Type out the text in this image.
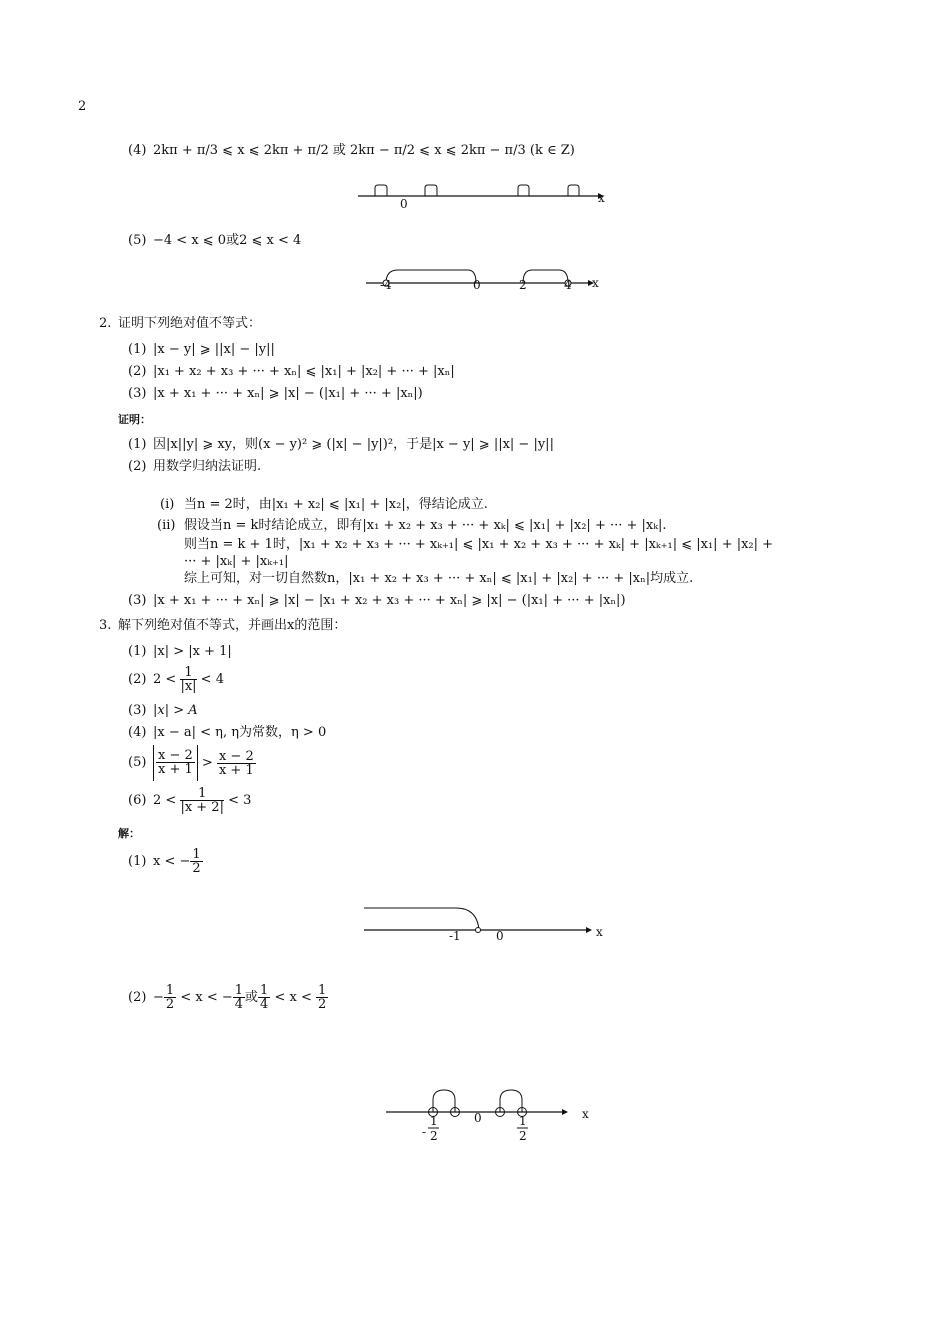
2
(4) 2kπ + π/3 ⩽ x ⩽ 2kπ + π/2 或 2kπ − π/2 ⩽ x ⩽ 2kπ − π/3 (k ∈ Z)
0	x
(5) −4 < x ⩽ 0或2 ⩽ x < 4
-4	0	2	4 x
2. 证明下列绝对值不等式：
(1) |x − y| ⩾ ||x| − |y||
(2) |x₁ + x₂ + x₃ + ··· + xₙ| ⩽ |x₁| + |x₂| + ··· + |xₙ|
(3) |x + x₁ + ··· + xₙ| ⩾ |x| − (|x₁| + ··· + |xₙ|)
证明：
(1) 因|x||y| ⩾ xy，则(x − y)² ⩾ (|x| − |y|)²，于是|x − y| ⩾ ||x| − |y||
(2) 用数学归纳法证明.
(i) 当n = 2时，由|x₁ + x₂| ⩽ |x₁| + |x₂|，得结论成立.
(ii) 假设当n = k时结论成立，即有|x₁ + x₂ + x₃ + ··· + xₖ| ⩽ |x₁| + |x₂| + ··· + |xₖ|.
则当n = k + 1时，|x₁ + x₂ + x₃ + ··· + xₖ₊₁| ⩽ |x₁ + x₂ + x₃ + ··· + xₖ| + |xₖ₊₁| ⩽ |x₁| + |x₂| +
··· + |xₖ| + |xₖ₊₁|
综上可知，对一切自然数n，|x₁ + x₂ + x₃ + ··· + xₙ| ⩽ |x₁| + |x₂| + ··· + |xₙ|均成立.
(3) |x + x₁ + ··· + xₙ| ⩾ |x| − |x₁ + x₂ + x₃ + ··· + xₙ| ⩾ |x| − (|x₁| + ··· + |xₙ|)
3. 解下列绝对值不等式，并画出x的范围：
(1) |x| > |x + 1|
(2) $2 < \frac{1}{|x|} < 4$
(3) |x| > A
(4) |x − a| < η, η为常数，η > 0
$(5) \frac{x - 2}{x + 1} > \frac{x - 2}{x + 1}$
(6) $2 < \frac{1}{|x + 2|} < 3$
解：
(1) x < − $\frac{1}{2}$
-1	0	x
$(2) - \frac{1}{2} < x$ < − $\frac{1}{4}$ 或 $\frac{1}{4} < x < \frac{1}{2}$
-
1
2
0	1
2
x
